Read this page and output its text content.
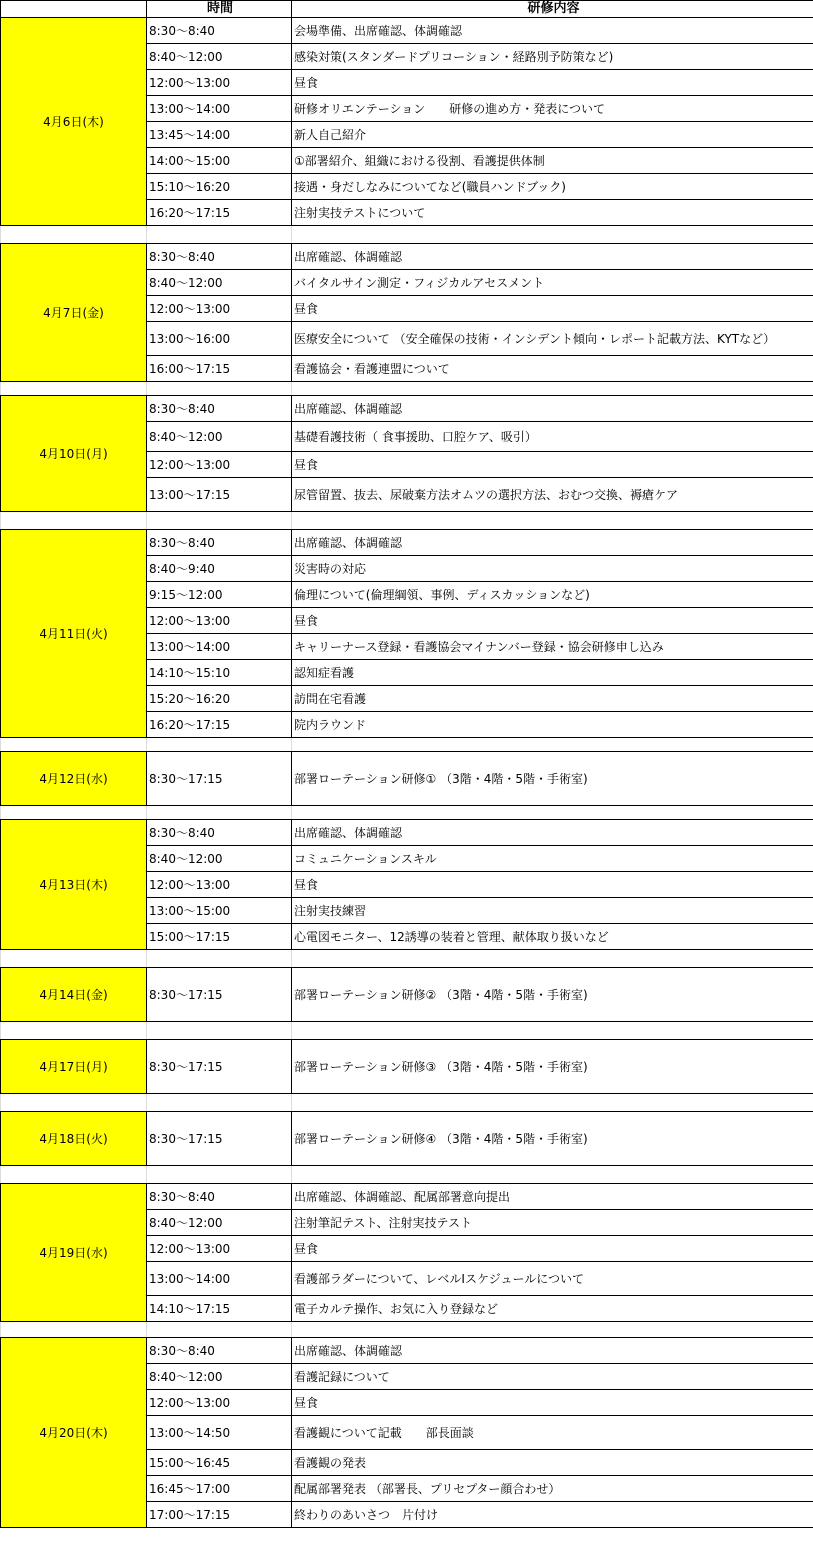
	時間	研修内容
4月6日(木)	8:30～8:40	会場準備、出席確認、体調確認
	8:40～12:00	感染対策(スタンダードプリコーション・経路別予防策など)
	12:00～13:00	昼食
	13:00～14:00	研修オリエンテーション　　研修の進め方・発表について
	13:45～14:00	新人自己紹介
	14:00～15:00	①部署紹介、組織における役割、看護提供体制
	15:10～16:20	接遇・身だしなみについてなど(職員ハンドブック)
	16:20～17:15	注射実技テストについて

4月7日(金)	8:30～8:40	出席確認、体調確認
	8:40～12:00	バイタルサイン測定・フィジカルアセスメント
	12:00～13:00	昼食
	13:00～16:00	医療安全について （安全確保の技術・インシデント傾向・レポート記載方法、KYTなど）
	16:00～17:15	看護協会・看護連盟について

4月10日(月)	8:30～8:40	出席確認、体調確認
	8:40～12:00	基礎看護技術（ 食事援助、口腔ケア、吸引）
	12:00～13:00	昼食
	13:00～17:15	尿管留置、抜去、尿破棄方法オムツの選択方法、おむつ交換、褥瘡ケア

4月11日(火)	8:30～8:40	出席確認、体調確認
	8:40～9:40	災害時の対応
	9:15～12:00	倫理について(倫理綱領、事例、ディスカッションなど)
	12:00～13:00	昼食
	13:00～14:00	キャリーナース登録・看護協会マイナンバー登録・協会研修申し込み
	14:10～15:10	認知症看護
	15:20～16:20	訪問在宅看護
	16:20～17:15	院内ラウンド

4月12日(水)	8:30～17:15	部署ローテーション研修① （3階・4階・5階・手術室)

4月13日(木)	8:30～8:40	出席確認、体調確認
	8:40～12:00	コミュニケーションスキル
	12:00～13:00	昼食
	13:00～15:00	注射実技練習
	15:00～17:15	心電図モニター、12誘導の装着と管理、献体取り扱いなど

4月14日(金)	8:30～17:15	部署ローテーション研修② （3階・4階・5階・手術室)

4月17日(月)	8:30～17:15	部署ローテーション研修③ （3階・4階・5階・手術室)

4月18日(火)	8:30～17:15	部署ローテーション研修④ （3階・4階・5階・手術室)

4月19日(水)	8:30～8:40	出席確認、体調確認、配属部署意向提出
	8:40～12:00	注射筆記テスト、注射実技テスト
	12:00～13:00	昼食
	13:00～14:00	看護部ラダーについて、レベルⅠスケジュールについて
	14:10～17:15	電子カルテ操作、お気に入り登録など

4月20日(木)	8:30～8:40	出席確認、体調確認
	8:40～12:00	看護記録について
	12:00～13:00	昼食
	13:00～14:50	看護観について記載　　部長面談
	15:00～16:45	看護観の発表
	16:45～17:00	配属部署発表 （部署長、プリセプター顔合わせ）
	17:00～17:15	終わりのあいさつ　片付け
